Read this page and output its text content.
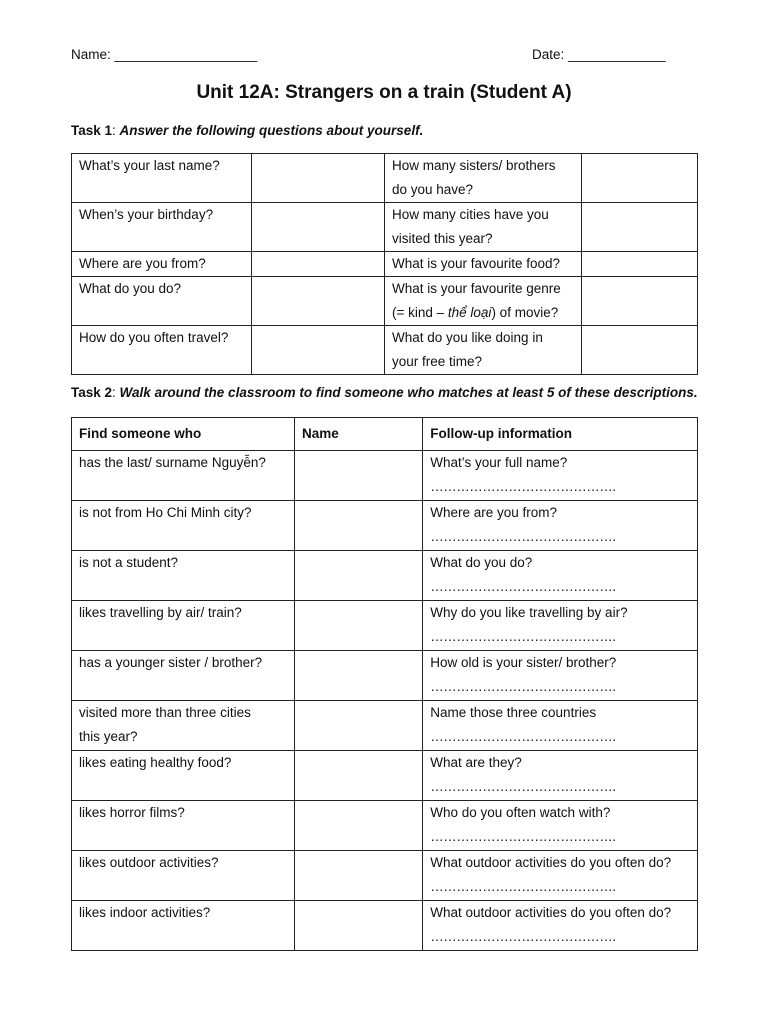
Name: ___________________	Date: _____________
Unit 12A: Strangers on a train (Student A)
Task 1: Answer the following questions about yourself.
What’s your last name?		How many sisters/ brothers
do you have?	
When’s your birthday?		How many cities have you
visited this year?	
Where are you from?		What is your favourite food?	
What do you do?		What is your favourite genre
(= kind – thể loại) of movie?	
How do you often travel?		What do you like doing in
your free time?	
Task 2: Walk around the classroom to find someone who matches at least 5 of these descriptions.
Find someone who	Name	Follow-up information
has the last/ surname Nguyễn?		What’s your full name?
…………………………………….

is not from Ho Chi Minh city?		Where are you from?
…………………………………….

is not a student?		What do you do?
…………………………………….

likes travelling by air/ train?		Why do you like travelling by air?
…………………………………….

has a younger sister / brother?		How old is your sister/ brother?
…………………………………….

visited more than three cities
this year?		Name those three countries
…………………………………….

likes eating healthy food?		What are they?
…………………………………….

likes horror films?		Who do you often watch with?
…………………………………….

likes outdoor activities?		What outdoor activities do you often do?
…………………………………….

likes indoor activities?		What outdoor activities do you often do?
…………………………………….
